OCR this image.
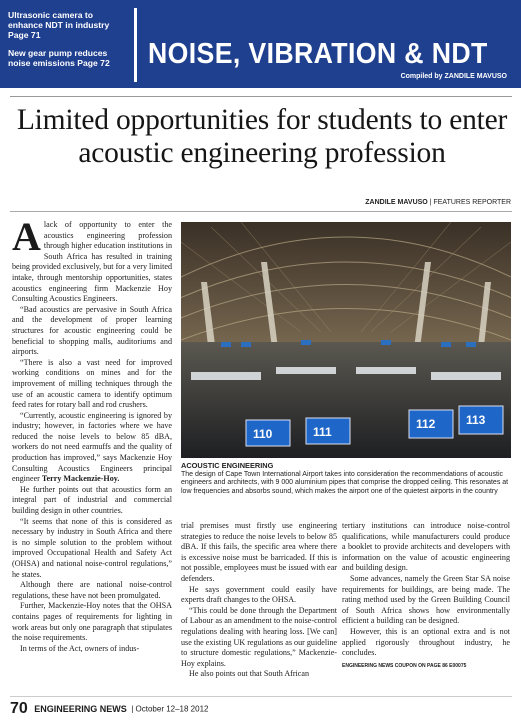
Ultrasonic camera to enhance NDT in industry Page 71
New gear pump reduces noise emissions Page 72	NOISE, VIBRATION & NDT
Compiled by ZANDILE MAVUSO
Limited opportunities for students to enter acoustic engineering profession
ZANDILE MAVUSO | FEATURES REPORTER

Alack of opportunity to enter the acoustics engineering profession through higher education institutions in South Africa has resulted in training being provided exclusively, but for a very limited intake, through mentorship opportunities, states acoustics engineering firm Mackenzie Hoy Consulting Acoustics Engineers.

“Bad acoustics are pervasive in South Africa and the development of proper learning structures for acoustic engineering could be beneficial to shopping malls, auditoriums and airports.

“There is also a vast need for improved working conditions on mines and for the improvement of milling techniques through the use of an acoustic camera to identify optimum feed rates for rotary ball and rod crushers.

“Currently, acoustic engineering is ignored by industry; however, in factories where we have reduced the noise levels to below 85 dBA, workers do not need earmuffs and the quality of production has improved,” says Mackenzie Hoy Consulting Acoustics Engineers principal engineer Terry Mackenzie-Hoy.

He further points out that acoustics form an integral part of industrial and commercial building design in other countries.

“It seems that none of this is considered as necessary by industry in South Africa and there is no simple solution to the problem without improved Occupational Health and Safety Act (OHSA) and national noise-control regulations,” he states.

Although there are national noise-control regulations, these have not been promulgated.

Further, Mackenzie-Hoy notes that the OHSA contains pages of requirements for lighting in work areas but only one paragraph that stipulates the noise requirements.

In terms of the Act, owners of indus-

110	111
112	113
ACOUSTIC ENGINEERING
The design of Cape Town International Airport takes into consideration the recommendations of acoustic engineers and architects, with 9 000 aluminium pipes that comprise the dropped ceiling. This resonates at low frequencies and absorbs sound, which makes the airport one of the quietest airports in the country

trial premises must firstly use engineering strategies to reduce the noise levels to below 85 dBA. If this fails, the specific area where there is excessive noise must be barricaded. If this is not possible, employees must be issued with ear defenders.

He says government could easily have experts draft changes to the OHSA.

“This could be done through the Department of Labour as an amendment to the noise-control regulations dealing with hearing loss. [We can] use the existing UK regulations as our guideline to structure domestic regulations,” Mackenzie-Hoy explains.

He also points out that South African

tertiary institutions can introduce noise-control qualifications, while manufacturers could produce a booklet to provide architects and developers with information on the value of acoustic engineering and building design.

Some advances, namely the Green Star SA noise requirements for buildings, are being made. The rating method used by the Green Building Council of South Africa shows how environmentally efficient a building can be designed.

However, this is an optional extra and is not applied rigorously throughout industry, he concludes.

ENGINEERING NEWS COUPON ON PAGE 86 E00075

70 ENGINEERING NEWS | October 12–18 2012
